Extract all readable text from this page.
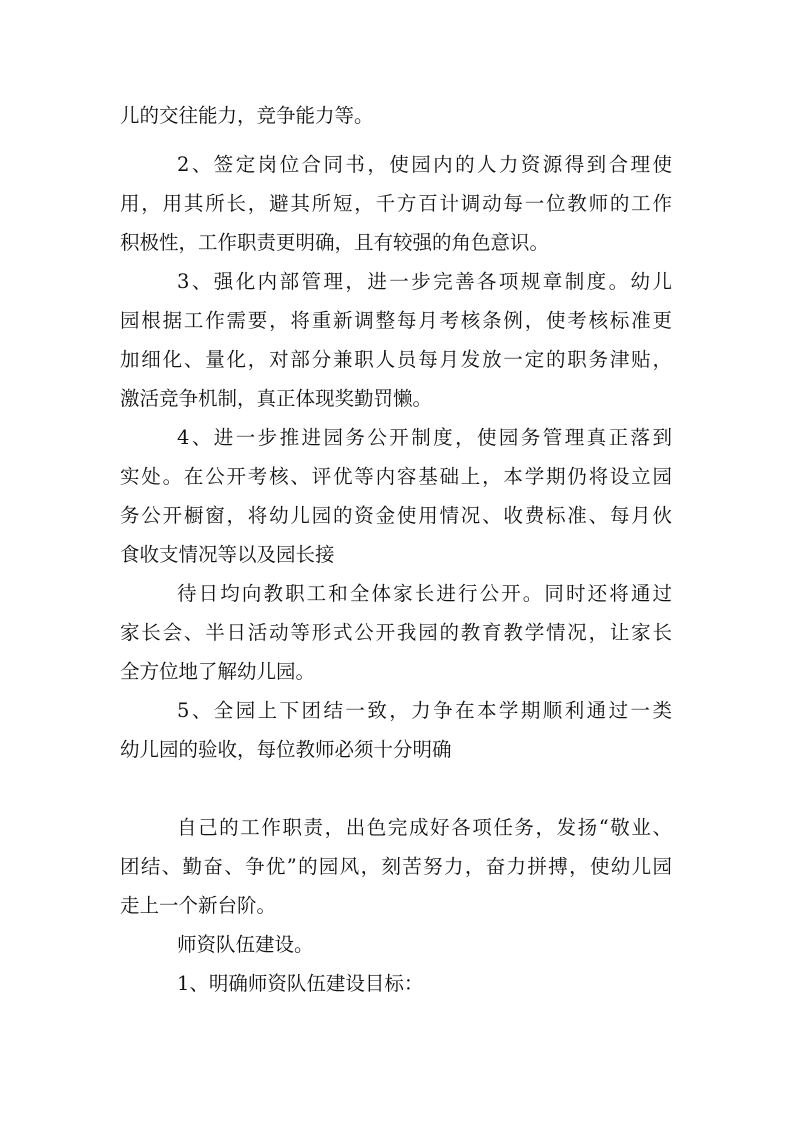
儿的交往能力，竞争能力等。
2、签定岗位合同书，使园内的人力资源得到合理使
用，用其所长，避其所短，千方百计调动每一位教师的工作
积极性，工作职责更明确，且有较强的角色意识。
3、强化内部管理，进一步完善各项规章制度。幼儿
园根据工作需要，将重新调整每月考核条例，使考核标准更
加细化、量化，对部分兼职人员每月发放一定的职务津贴，
激活竞争机制，真正体现奖勤罚懒。
4、进一步推进园务公开制度，使园务管理真正落到
实处。在公开考核、评优等内容基础上，本学期仍将设立园
务公开橱窗，将幼儿园的资金使用情况、收费标准、每月伙
食收支情况等以及园长接
待日均向教职工和全体家长进行公开。同时还将通过
家长会、半日活动等形式公开我园的教育教学情况，让家长
全方位地了解幼儿园。
5、全园上下团结一致，力争在本学期顺利通过一类
幼儿园的验收，每位教师必须十分明确
自己的工作职责，出色完成好各项任务，发扬“敬业、
团结、勤奋、争优”的园风，刻苦努力，奋力拼搏，使幼儿园
走上一个新台阶。
师资队伍建设。
1、明确师资队伍建设目标：
